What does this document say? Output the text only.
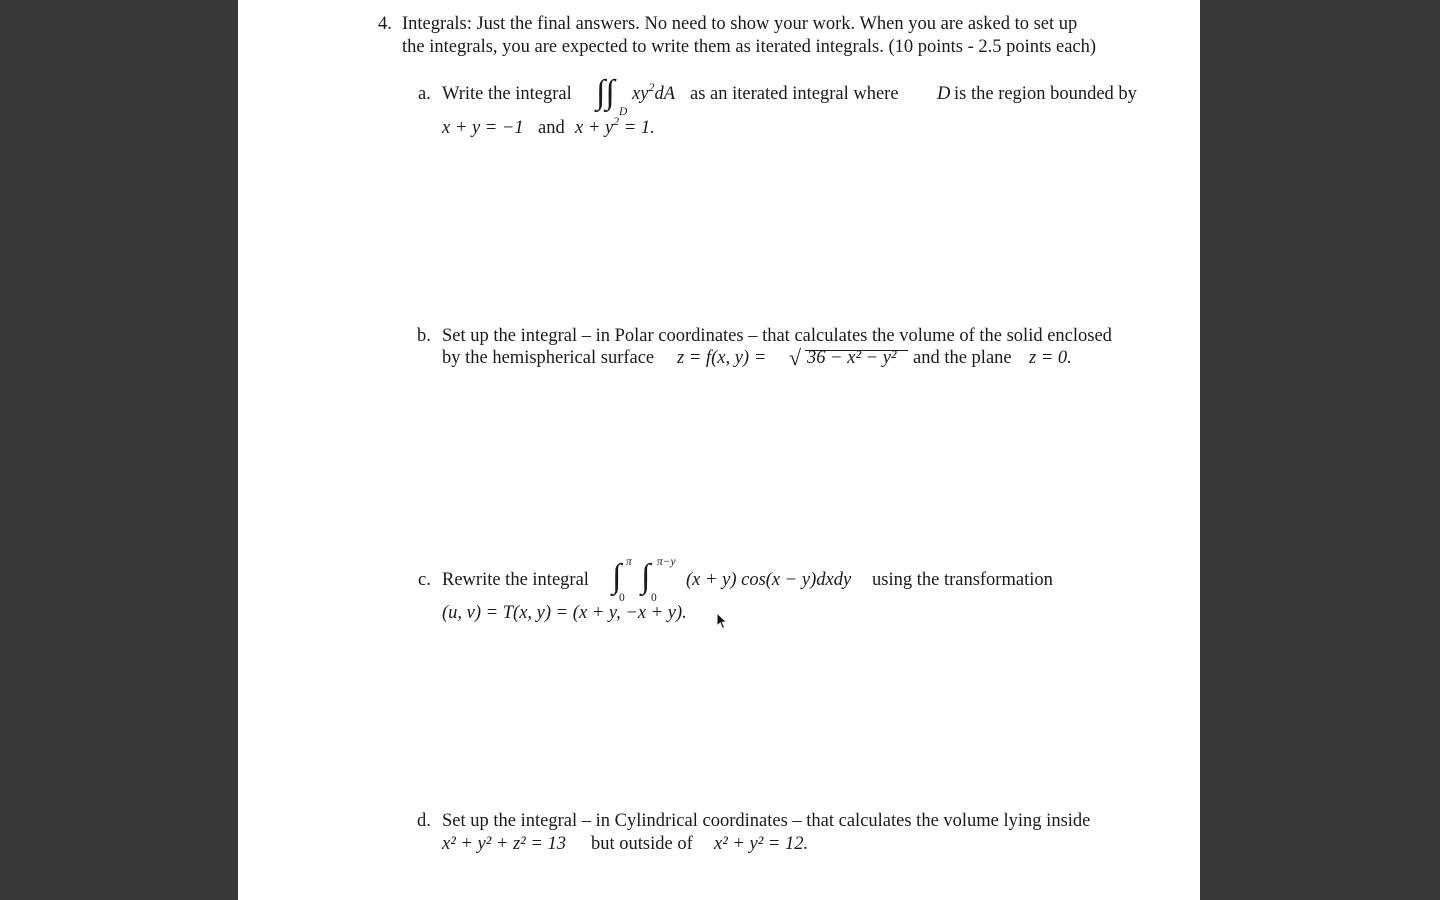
4. Integrals: Just the final answers. No need to show your work. When you are asked to set up
the integrals, you are expected to write them as iterated integrals. (10 points - 2.5 points each)
a. Write the integral ∫∫
D
$xy^2dA$ as an iterated integral where D is the region bounded by
x + y = −1 and $x + y^2 = 1$.
b. Set up the integral – in Polar coordinates – that calculates the volume of the solid enclosed
by the hemispherical surface z = f(x, y) = √ 36 − x² − y² and the plane z = 0.
c. Rewrite the integral ∫ π
0
∫ π−y
0
(x + y) cos(x − y)dxdy using the transformation
(u, v) = T(x, y) = (x + y, −x + y).
d. Set up the integral – in Cylindrical coordinates – that calculates the volume lying inside
x² + y² + z² = 13 but outside of x² + y² = 12.
